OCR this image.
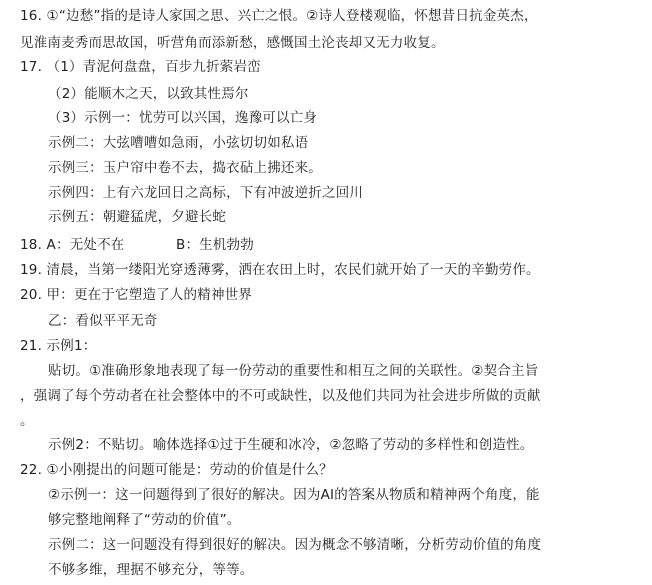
16. ①“边愁”指的是诗人家国之思、兴亡之恨。②诗人登楼观临，怀想昔日抗金英杰，
见淮南麦秀而思故国，听营角而添新愁，感慨国土沦丧却又无力收复。
17. （1）青泥何盘盘，百步九折萦岩峦
（2）能顺木之天，以致其性焉尔
（3）示例一：忧劳可以兴国，逸豫可以亡身
示例二：大弦嘈嘈如急雨，小弦切切如私语
示例三：玉户帘中卷不去，捣衣砧上拂还来。
示例四：上有六龙回日之高标，下有冲波逆折之回川
示例五：朝避猛虎，夕避长蛇
18. A：无处不在	B：生机勃勃
19. 清晨，当第一缕阳光穿透薄雾，洒在农田上时，农民们就开始了一天的辛勤劳作。
20. 甲：更在于它塑造了人的精神世界
乙：看似平平无奇
21. 示例1：
贴切。①准确形象地表现了每一份劳动的重要性和相互之间的关联性。②契合主旨
，强调了每个劳动者在社会整体中的不可或缺性，以及他们共同为社会进步所做的贡献
。
示例2：不贴切。喻体选择①过于生硬和冰冷，②忽略了劳动的多样性和创造性。
22. ①小刚提出的问题可能是：劳动的价值是什么？
②示例一：这一问题得到了很好的解决。因为AI的答案从物质和精神两个角度，能
够完整地阐释了“劳动的价值”。
示例二：这一问题没有得到很好的解决。因为概念不够清晰，分析劳动价值的角度
不够多维，理据不够充分，等等。
